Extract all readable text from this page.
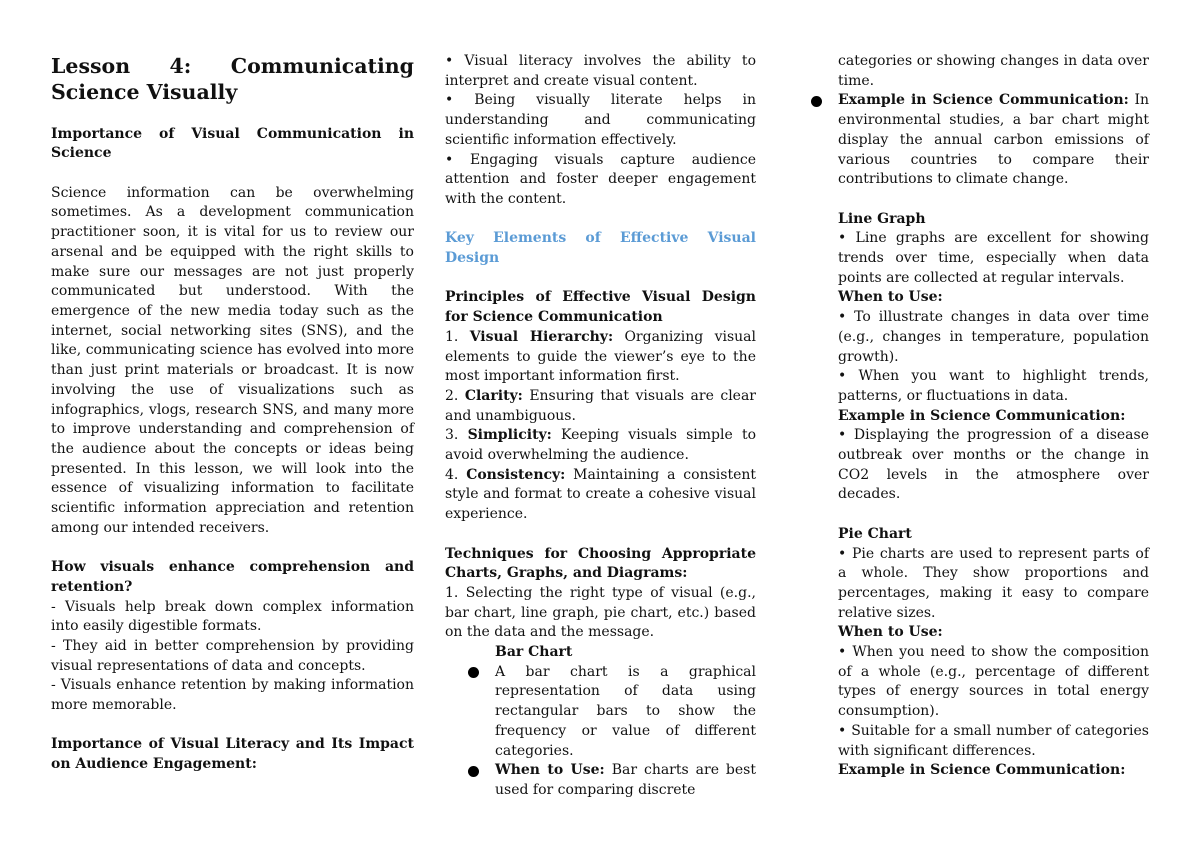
Lesson 4: Communicating Science Visually

Importance of Visual Communication in Science

Science information can be overwhelming sometimes. As a development communication practitioner soon, it is vital for us to review our arsenal and be equipped with the right skills to make sure our messages are not just properly communicated but understood. With the emergence of the new media today such as the internet, social networking sites (SNS), and the like, communicating science has evolved into more than just print materials or broadcast. It is now involving the use of visualizations such as infographics, vlogs, research SNS, and many more to improve understanding and comprehension of the audience about the concepts or ideas being presented. In this lesson, we will look into the essence of visualizing information to facilitate scientific information appreciation and retention among our intended receivers.

How visuals enhance comprehension and retention?

- Visuals help break down complex information into easily digestible formats.

- They aid in better comprehension by providing visual representations of data and concepts.

- Visuals enhance retention by making information more memorable.

Importance of Visual Literacy and Its Impact on Audience Engagement:

• Visual literacy involves the ability to interpret and create visual content.

• Being visually literate helps in understanding and communicating scientific information effectively.

• Engaging visuals capture audience attention and foster deeper engagement with the content.

Key Elements of Effective Visual Design

Principles of Effective Visual Design for Science Communication

1. Visual Hierarchy: Organizing visual elements to guide the viewer’s eye to the most important information first.

2. Clarity: Ensuring that visuals are clear and unambiguous.

3. Simplicity: Keeping visuals simple to avoid overwhelming the audience.

4. Consistency: Maintaining a consistent style and format to create a cohesive visual experience.

Techniques for Choosing Appropriate Charts, Graphs, and Diagrams:

1. Selecting the right type of visual (e.g., bar chart, line graph, pie chart, etc.) based on the data and the message.

Bar Chart

A bar chart is a graphical representation of data using rectangular bars to show the frequency or value of different categories.

When to Use: Bar charts are best used for comparing discrete

categories or showing changes in data over time.

Example in Science Communication: In environmental studies, a bar chart might display the annual carbon emissions of various countries to compare their contributions to climate change.

Line Graph

• Line graphs are excellent for showing trends over time, especially when data points are collected at regular intervals.

When to Use:

• To illustrate changes in data over time (e.g., changes in temperature, population growth).

• When you want to highlight trends, patterns, or fluctuations in data.

Example in Science Communication:

• Displaying the progression of a disease outbreak over months or the change in CO2 levels in the atmosphere over decades.

Pie Chart

• Pie charts are used to represent parts of a whole. They show proportions and percentages, making it easy to compare relative sizes.

When to Use:

• When you need to show the composition of a whole (e.g., percentage of different types of energy sources in total energy consumption).

• Suitable for a small number of categories with significant differences.

Example in Science Communication:
